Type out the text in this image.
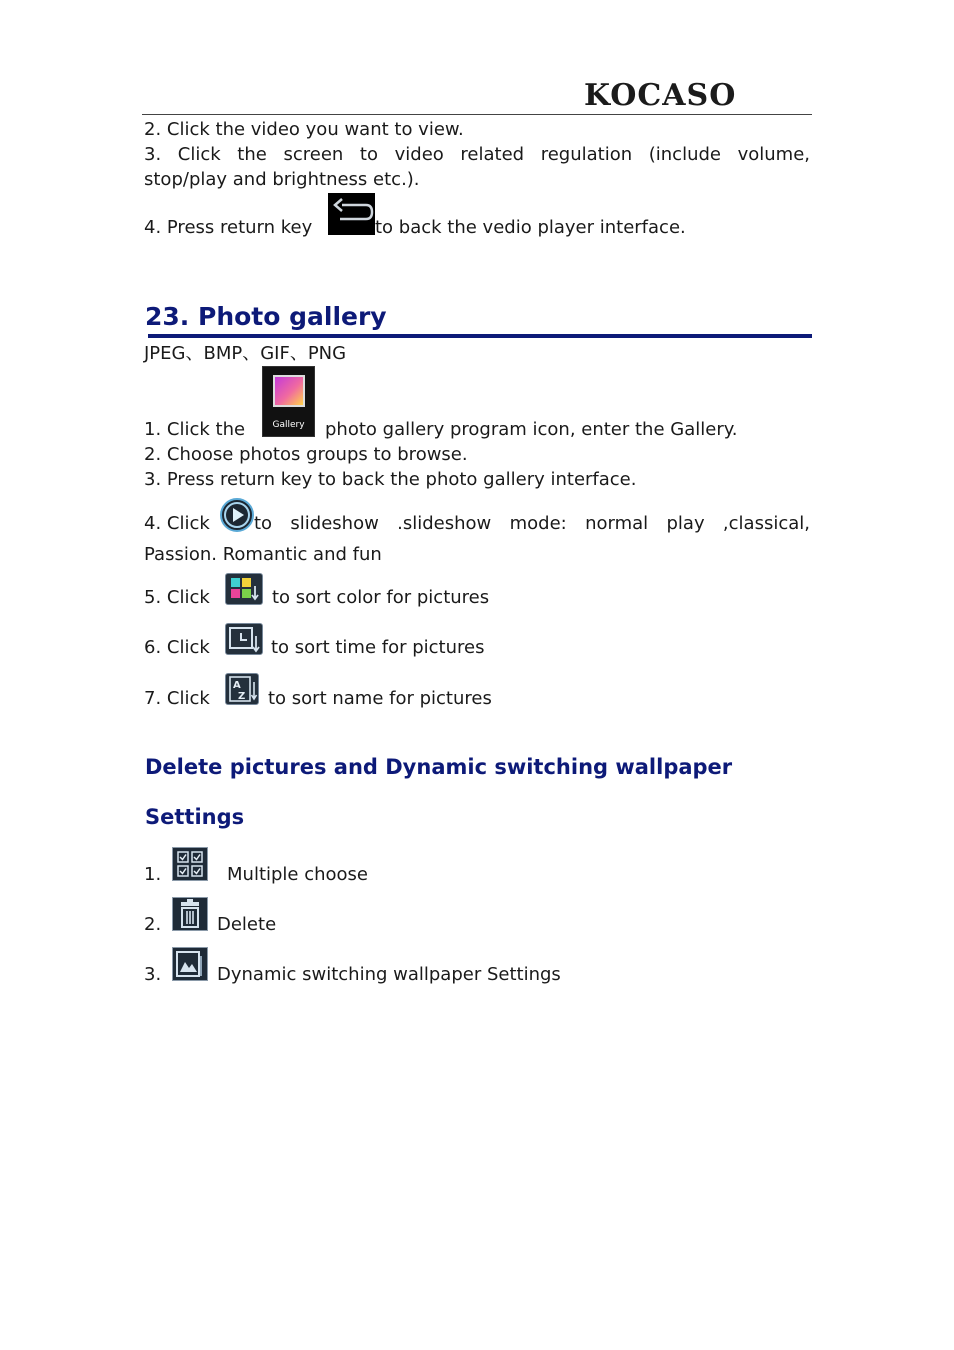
KOCASO
2. Click the video you want to view.
3. Click the screen to video related regulation (include volume,
stop/play and brightness etc.).
4. Press return key	to back the vedio player interface.
23. Photo gallery
JPEG、BMP、GIF、PNG
1. Click the	Gallery	photo gallery program icon, enter the Gallery.
2. Choose photos groups to browse.
3. Press return key to back the photo gallery interface.
4. Click to slideshow .slideshow mode: normal play ,classical,
Passion. Romantic and fun
5. Click	to sort color for pictures
6. Click	to sort time for pictures
7. Click
A
Z to sort name for pictures
Delete pictures and Dynamic switching wallpaper
Settings
1.	Multiple choose
2.	Delete
3.	Dynamic switching wallpaper Settings
